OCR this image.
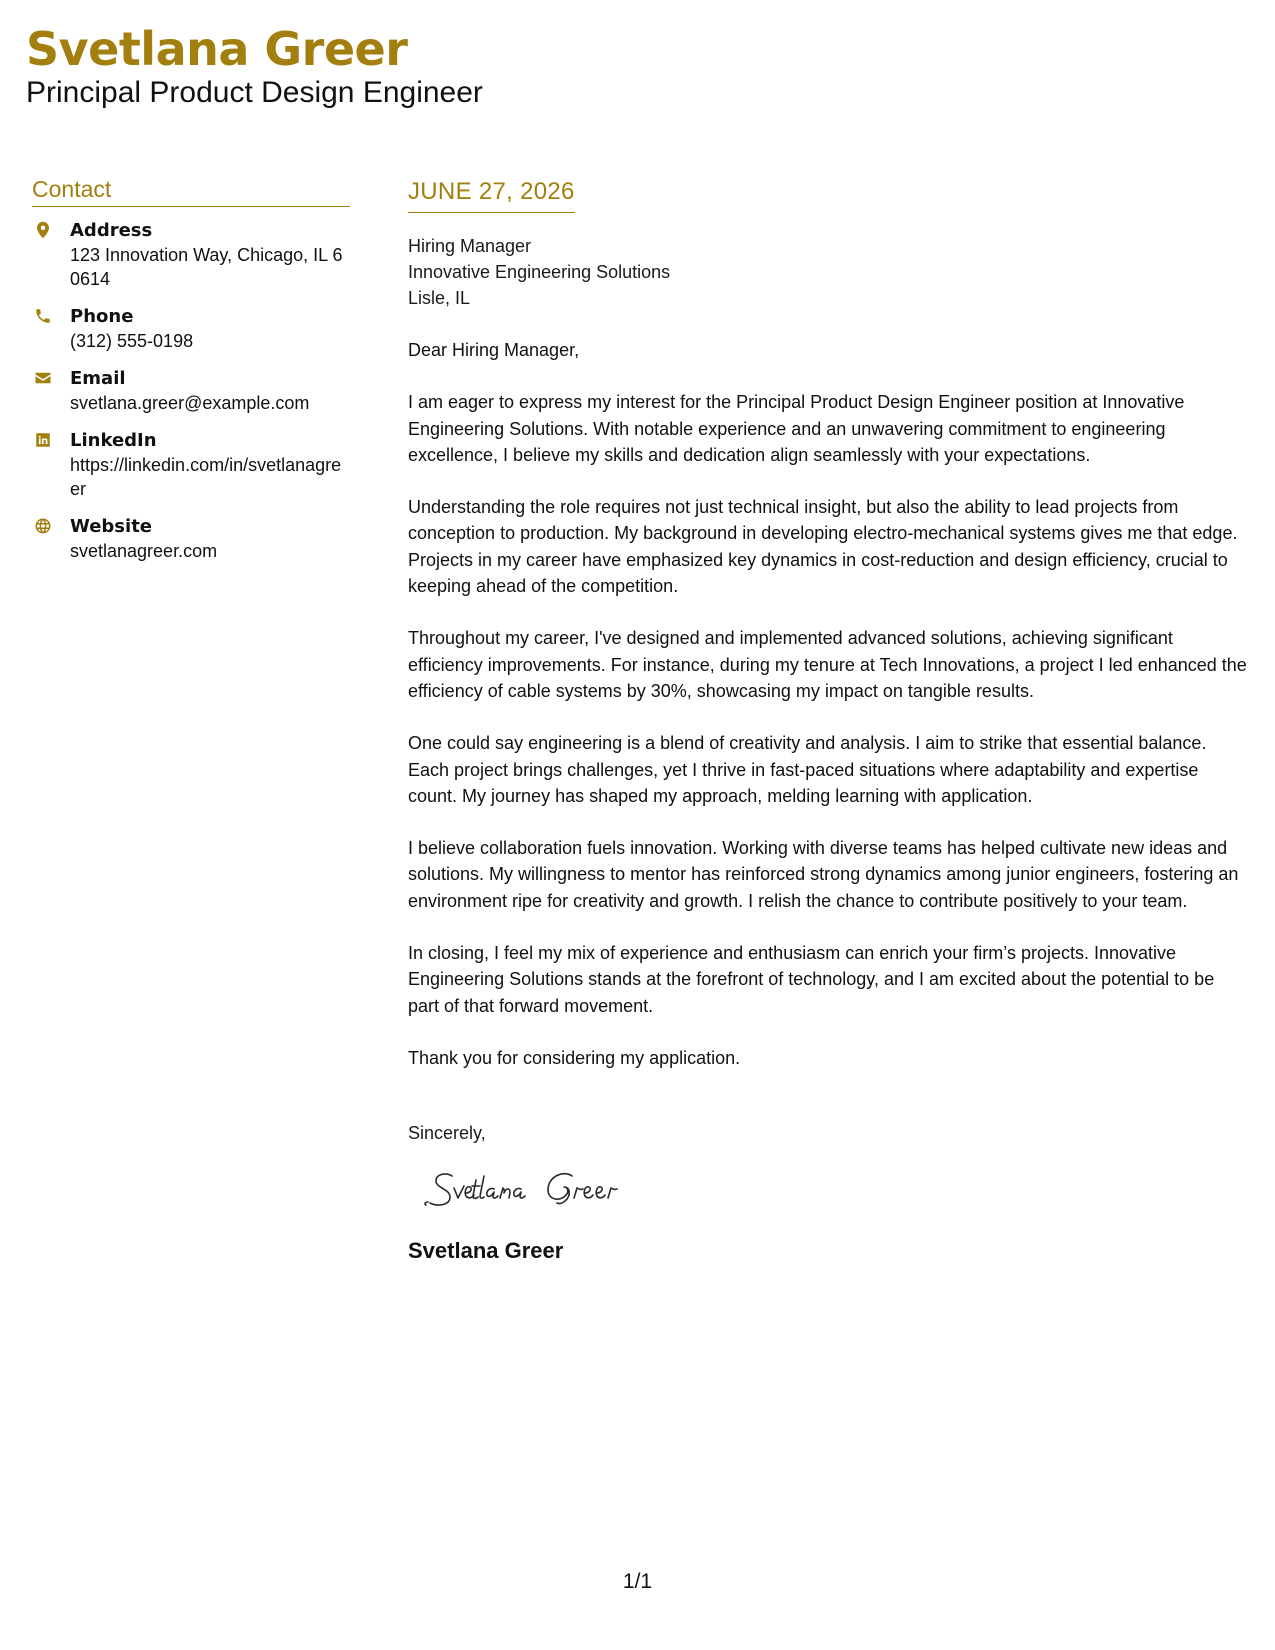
Svetlana Greer
Principal Product Design Engineer
Contact
Address
123 Innovation Way, Chicago, IL 60614
Phone
(312) 555-0198
Email
svetlana.greer@example.com
LinkedIn
https://linkedin.com/in/svetlanagreer
Website
svetlanagreer.com
JUNE 27, 2026
Hiring Manager
Innovative Engineering Solutions
Lisle, IL
Dear Hiring Manager,
I am eager to express my interest for the Principal Product Design Engineer position at Innovative Engineering Solutions. With notable experience and an unwavering commitment to engineering excellence, I believe my skills and dedication align seamlessly with your expectations.
Understanding the role requires not just technical insight, but also the ability to lead projects from conception to production. My background in developing electro-mechanical systems gives me that edge. Projects in my career have emphasized key dynamics in cost-reduction and design efficiency, crucial to keeping ahead of the competition.
Throughout my career, I've designed and implemented advanced solutions, achieving significant efficiency improvements. For instance, during my tenure at Tech Innovations, a project I led enhanced the efficiency of cable systems by 30%, showcasing my impact on tangible results.
One could say engineering is a blend of creativity and analysis. I aim to strike that essential balance. Each project brings challenges, yet I thrive in fast-paced situations where adaptability and expertise count. My journey has shaped my approach, melding learning with application.
I believe collaboration fuels innovation. Working with diverse teams has helped cultivate new ideas and solutions. My willingness to mentor has reinforced strong dynamics among junior engineers, fostering an environment ripe for creativity and growth. I relish the chance to contribute positively to your team.
In closing, I feel my mix of experience and enthusiasm can enrich your firm’s projects. Innovative Engineering Solutions stands at the forefront of technology, and I am excited about the potential to be part of that forward movement.
Thank you for considering my application.
Sincerely,
Svetlana Greer
1/1
